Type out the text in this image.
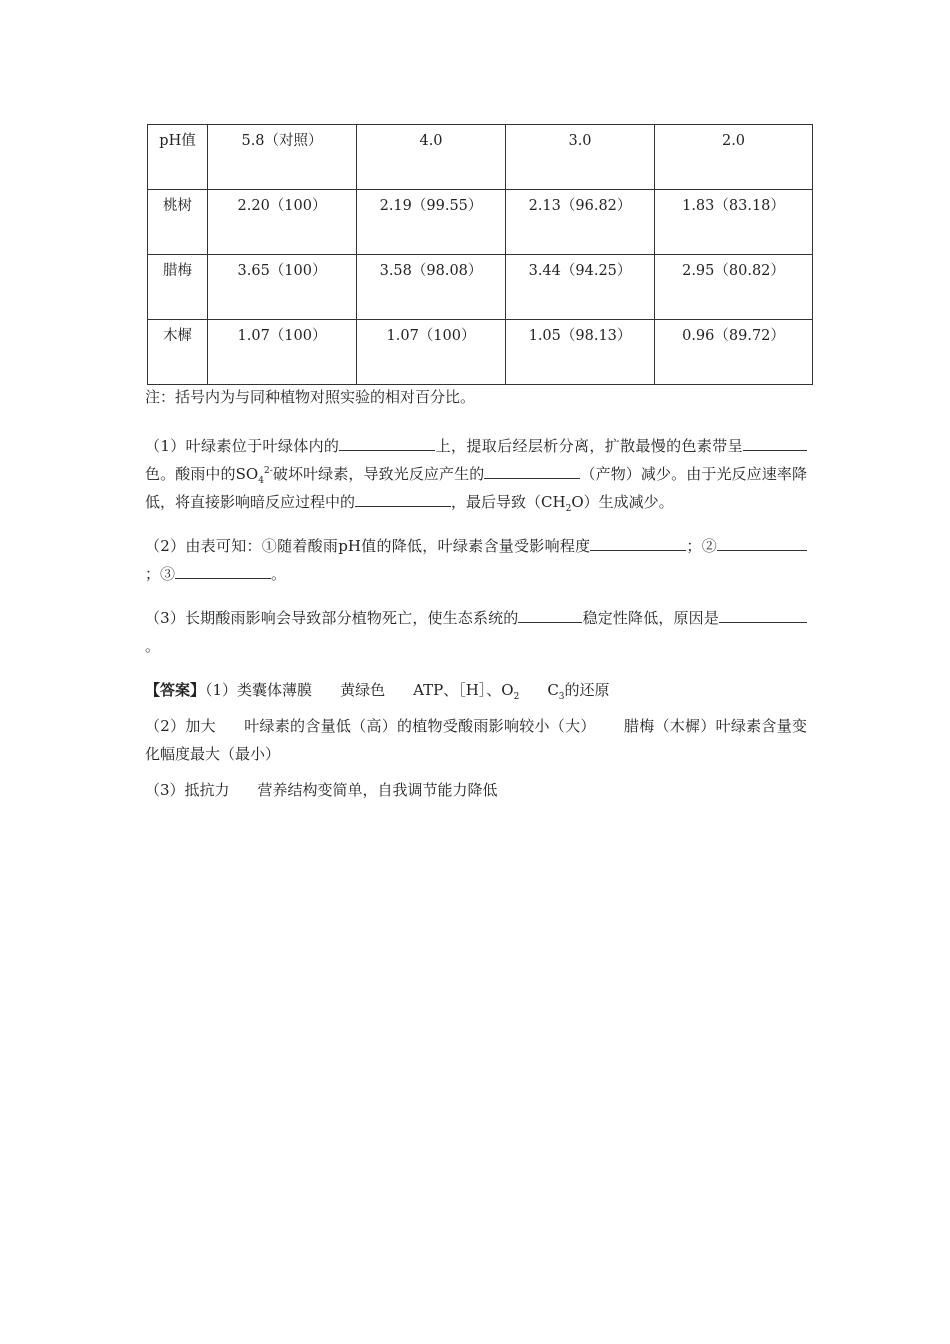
pH值	5.8（对照）	4.0	3.0	2.0
桃树	2.20（100）	2.19（99.55）	2.13（96.82）	1.83（83.18）
腊梅	3.65（100）	3.58（98.08）	3.44（94.25）	2.95（80.82）
木樨	1.07（100）	1.07（100）	1.05（98.13）	0.96（89.72）

注：括号内为与同种植物对照实验的相对百分比。

（1）叶绿素位于叶绿体内的	上，提取后经层析分离，扩散最慢的色素带呈色。酸雨中的$SO_4^{2-}$破坏叶绿素，导致光反应产生的	（产物）减少。由于光反应速率降低，将直接影响暗反应过程中的	，最后导致$(CH_2O)$生成减少。

（2）由表可知：①随着酸雨pH值的降低，叶绿素含量受影响程度	；②；③	。

（3）长期酸雨影响会导致部分植物死亡，使生态系统的	稳定性降低，原因是。

【答案】（1）类囊体薄膜 黄绿色 ATP、［H］、$O_2$ $C_3$的还原

（2）加大 叶绿素的含量低（高）的植物受酸雨影响较小（大） 腊梅（木樨）叶绿素含量变化幅度最大（最小）

（3）抵抗力 营养结构变简单，自我调节能力降低
